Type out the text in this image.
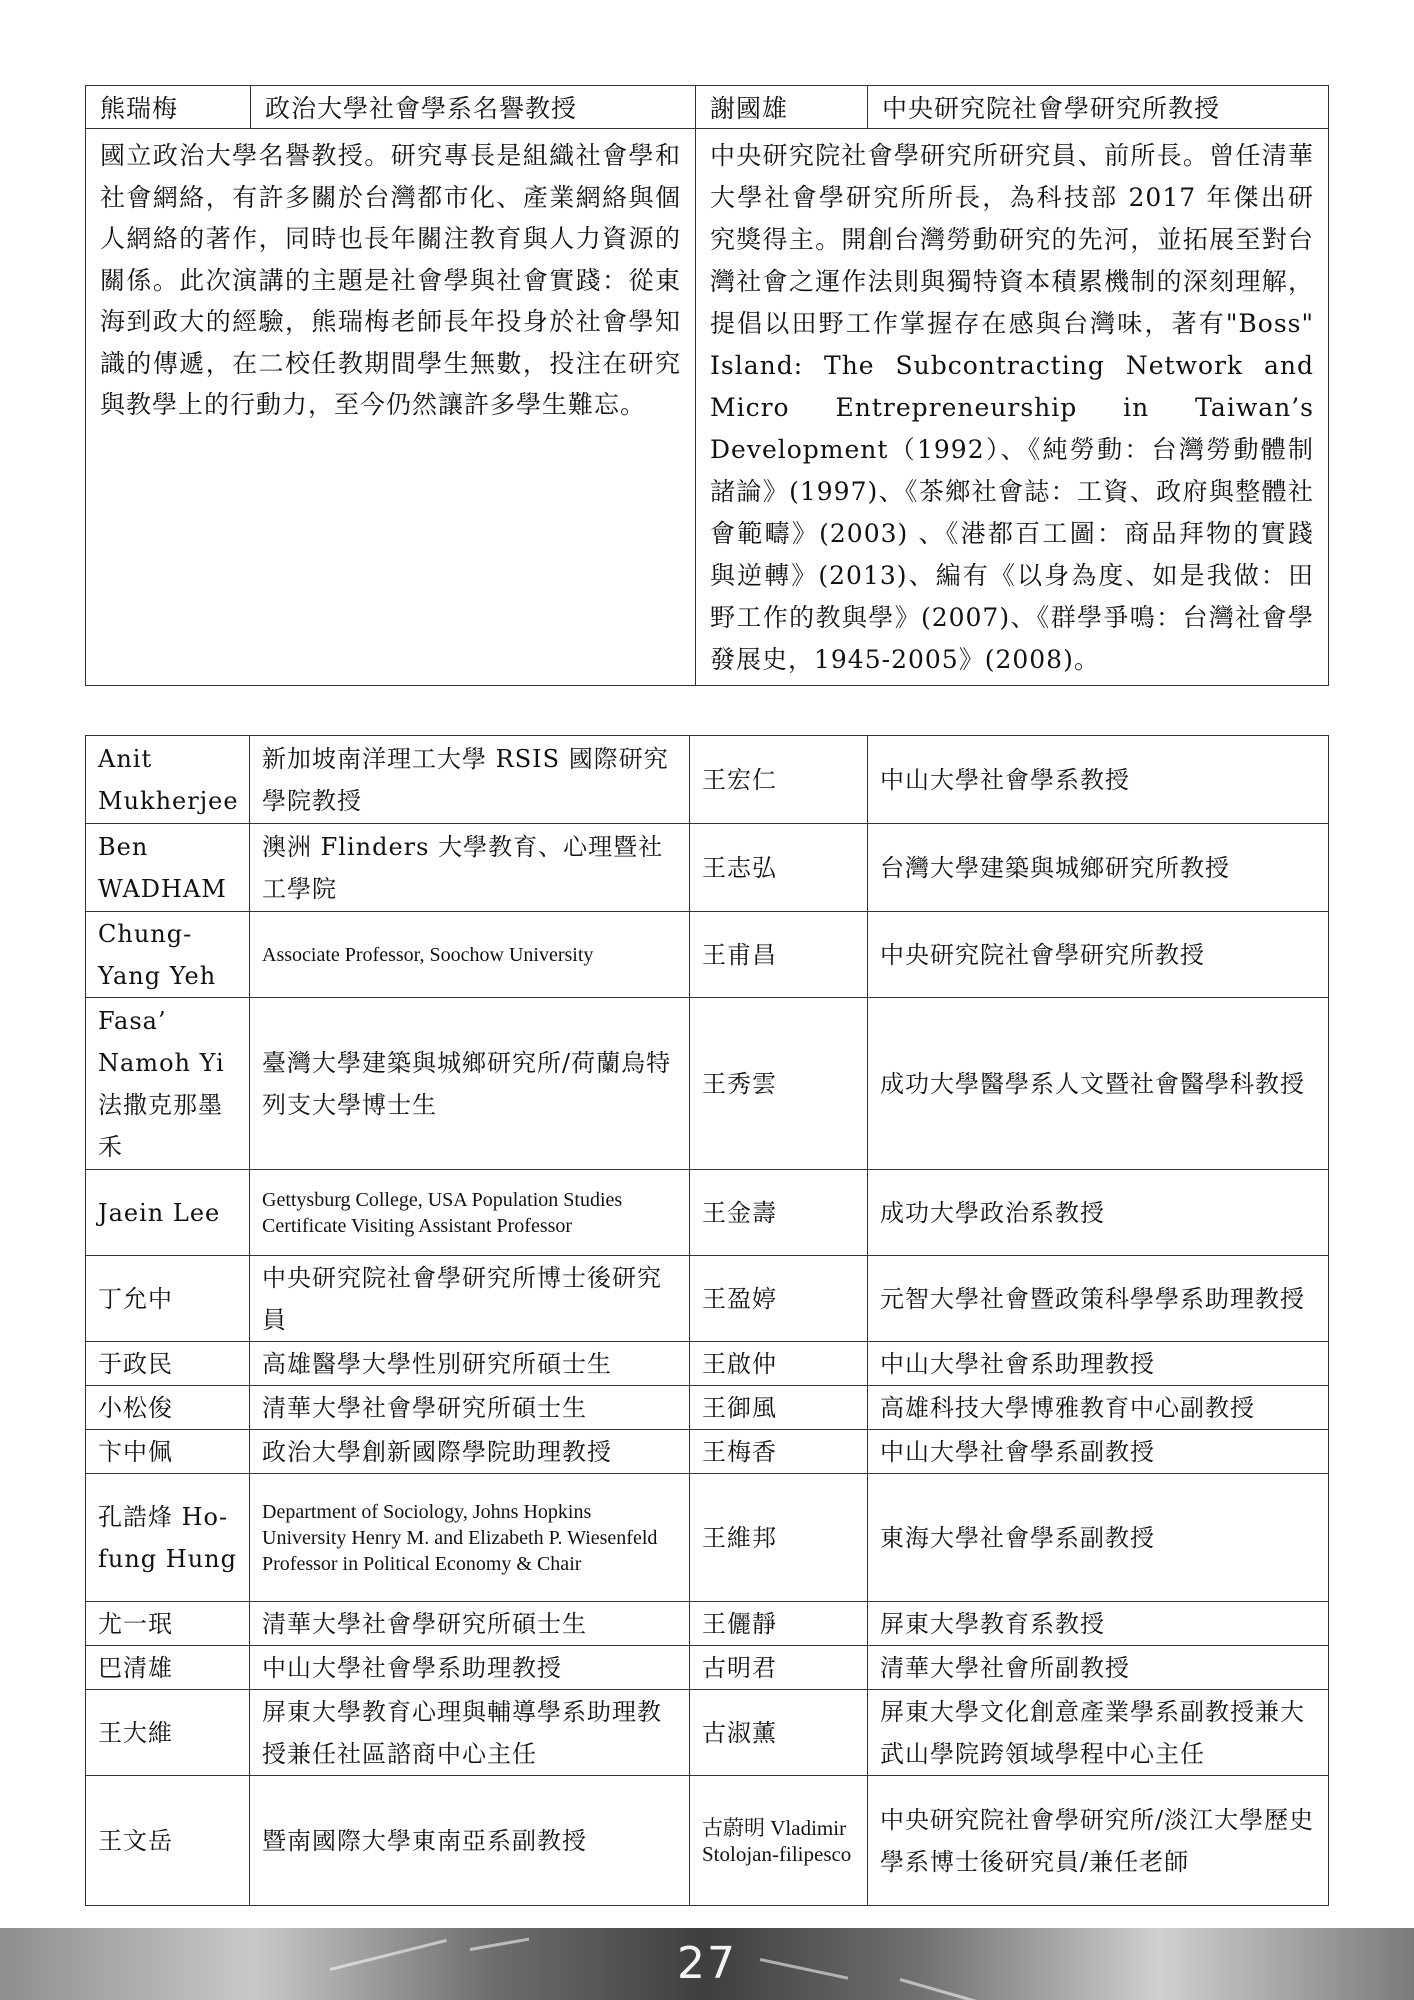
熊瑞梅	政治大學社會學系名譽教授	謝國雄	中央研究院社會學研究所教授
國立政治大學名譽教授。研究專長是組織社會學和社會網絡，有許多關於台灣都市化、產業網絡與個人網絡的著作，同時也長年關注教育與人力資源的關係。此次演講的主題是社會學與社會實踐：從東海到政大的經驗，熊瑞梅老師長年投身於社會學知識的傳遞，在二校任教期間學生無數，投注在研究與教學上的行動力，至今仍然讓許多學生難忘。		中央研究院社會學研究所研究員、前所長。曾任清華大學社會學研究所所長，為科技部 2017 年傑出研究獎得主。開創台灣勞動研究的先河，並拓展至對台灣社會之運作法則與獨特資本積累機制的深刻理解，提倡以田野工作掌握存在感與台灣味，著有"Boss" Island: The Subcontracting Network and Micro Entrepreneurship in Taiwan’s Development（1992）、《純勞動：台灣勞動體制諸論》(1997)、《茶鄉社會誌：工資、政府與整體社會範疇》(2003) 、《港都百工圖：商品拜物的實踐與逆轉》(2013)、編有《以身為度、如是我做：田野工作的教與學》(2007)、《群學爭鳴：台灣社會學發展史，1945-2005》(2008)。	
Anit Mukherjee	新加坡南洋理工大學 RSIS 國際研究學院教授	王宏仁	中山大學社會學系教授
Ben WADHAM	澳洲 Flinders 大學教育、心理暨社工學院	王志弘	台灣大學建築與城鄉研究所教授
Chung-Yang Yeh	Associate Professor, Soochow University	王甫昌	中央研究院社會學研究所教授
Fasa’ Namoh Yi 法撒克那墨禾	臺灣大學建築與城鄉研究所/荷蘭烏特列支大學博士生	王秀雲	成功大學醫學系人文暨社會醫學科教授
Jaein Lee	Gettysburg College, USA Population Studies Certificate Visiting Assistant Professor	王金壽	成功大學政治系教授
丁允中	中央研究院社會學研究所博士後研究員	王盈婷	元智大學社會暨政策科學學系助理教授
于政民	高雄醫學大學性別研究所碩士生	王啟仲	中山大學社會系助理教授
小松俊	清華大學社會學研究所碩士生	王御風	高雄科技大學博雅教育中心副教授
卞中佩	政治大學創新國際學院助理教授	王梅香	中山大學社會學系副教授
孔誥烽 Ho-fung Hung	Department of Sociology, Johns Hopkins University Henry M. and Elizabeth P. Wiesenfeld Professor in Political Economy & Chair	王維邦	東海大學社會學系副教授
尤一珉	清華大學社會學研究所碩士生	王儷靜	屏東大學教育系教授
巴清雄	中山大學社會學系助理教授	古明君	清華大學社會所副教授
王大維	屏東大學教育心理與輔導學系助理教授兼任社區諮商中心主任	古淑薰	屏東大學文化創意產業學系副教授兼大武山學院跨領域學程中心主任
王文岳	暨南國際大學東南亞系副教授	古蔚明 Vladimir Stolojan-filipesco	中央研究院社會學研究所/淡江大學歷史學系博士後研究員/兼任老師
27
